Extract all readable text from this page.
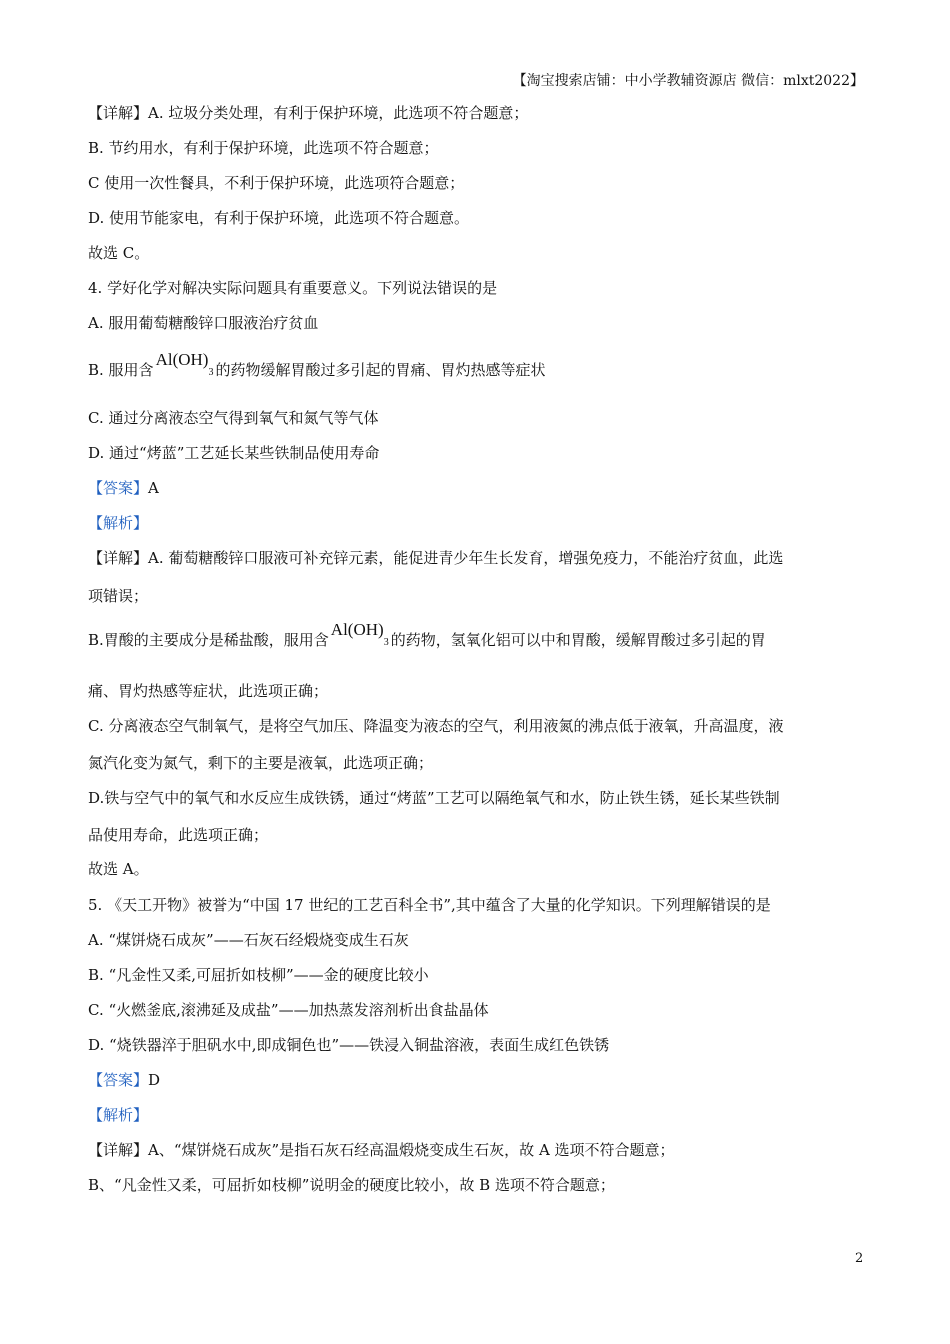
【淘宝搜索店铺：中小学教辅资源店 微信：mlxt2022】
【详解】A. 垃圾分类处理，有利于保护环境，此选项不符合题意；
B. 节约用水，有利于保护环境，此选项不符合题意；
C 使用一次性餐具，不利于保护环境，此选项符合题意；
D. 使用节能家电，有利于保护环境，此选项不符合题意。
故选 C。
4. 学好化学对解决实际问题具有重要意义。下列说法错误的是
A. 服用葡萄糖酸锌口服液治疗贫血
B. 服用含$Al(OH)_3$ 的药物缓解胃酸过多引起的胃痛、胃灼热感等症状
C. 通过分离液态空气得到氧气和氮气等气体
D. 通过“烤蓝”工艺延长某些铁制品使用寿命
【答案】A
【解析】
【详解】A. 葡萄糖酸锌口服液可补充锌元素，能促进青少年生长发育，增强免疫力，不能治疗贫血，此选
项错误；
B.胃酸的主要成分是稀盐酸，服用含$Al(OH)_3$ 的药物，氢氧化铝可以中和胃酸，缓解胃酸过多引起的胃
痛、胃灼热感等症状，此选项正确；
C. 分离液态空气制氧气，是将空气加压、降温变为液态的空气，利用液氮的沸点低于液氧，升高温度，液
氮汽化变为氮气，剩下的主要是液氧，此选项正确；
D.铁与空气中的氧气和水反应生成铁锈，通过“烤蓝”工艺可以隔绝氧气和水，防止铁生锈，延长某些铁制
品使用寿命，此选项正确；
故选 A。
5. 《天工开物》被誉为“中国 17 世纪的工艺百科全书”,其中蕴含了大量的化学知识。下列理解错误的是
A. “煤饼烧石成灰”——石灰石经煅烧变成生石灰
B. “凡金性又柔,可屈折如枝柳”——金的硬度比较小
C. “火燃釜底,滚沸延及成盐”——加热蒸发溶剂析出食盐晶体
D. “烧铁器淬于胆矾水中,即成铜色也”——铁浸入铜盐溶液，表面生成红色铁锈
【答案】D
【解析】
【详解】A、“煤饼烧石成灰”是指石灰石经高温煅烧变成生石灰，故 A 选项不符合题意；
B、“凡金性又柔，可屈折如枝柳”说明金的硬度比较小，故 B 选项不符合题意；
2
